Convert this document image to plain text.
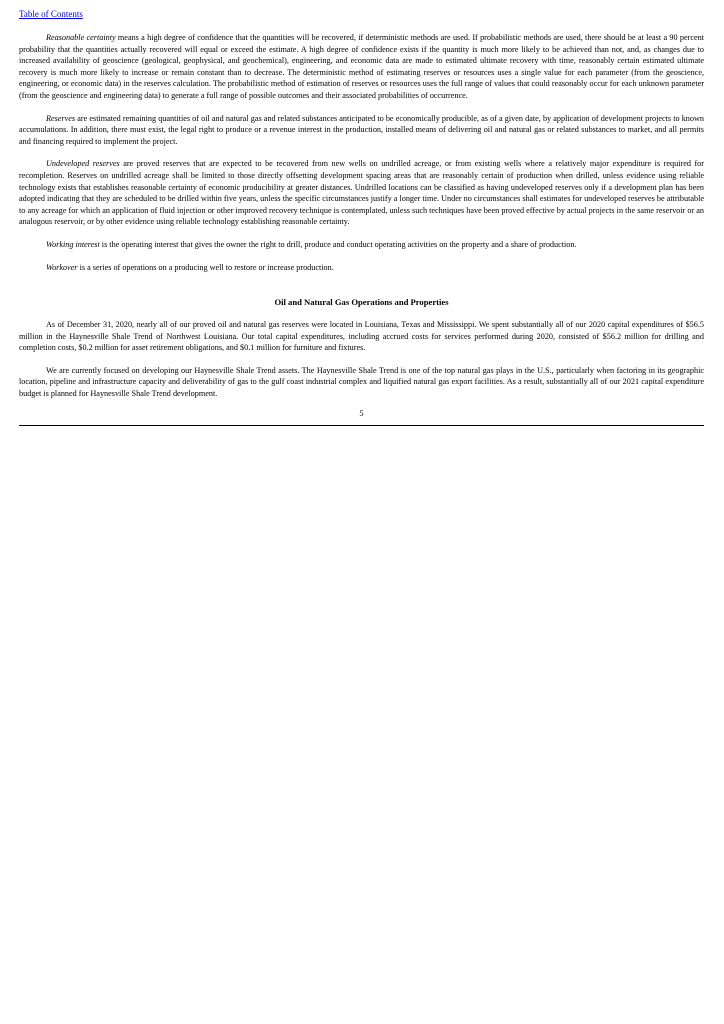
Table of Contents

Reasonable certainty means a high degree of confidence that the quantities will be recovered, if deterministic methods are used. If probabilistic methods are used, there should be at least a 90 percent probability that the quantities actually recovered will equal or exceed the estimate. A high degree of confidence exists if the quantity is much more likely to be achieved than not, and, as changes due to increased availability of geoscience (geological, geophysical, and geochemical), engineering, and economic data are made to estimated ultimate recovery with time, reasonably certain estimated ultimate recovery is much more likely to increase or remain constant than to decrease. The deterministic method of estimating reserves or resources uses a single value for each parameter (from the geoscience, engineering, or economic data) in the reserves calculation. The probabilistic method of estimation of reserves or resources uses the full range of values that could reasonably occur for each unknown parameter (from the geoscience and engineering data) to generate a full range of possible outcomes and their associated probabilities of occurrence.

Reserves are estimated remaining quantities of oil and natural gas and related substances anticipated to be economically producible, as of a given date, by application of development projects to known accumulations. In addition, there must exist, the legal right to produce or a revenue interest in the production, installed means of delivering oil and natural gas or related substances to market, and all permits and financing required to implement the project.

Undeveloped reserves are proved reserves that are expected to be recovered from new wells on undrilled acreage, or from existing wells where a relatively major expenditure is required for recompletion. Reserves on undrilled acreage shall be limited to those directly offsetting development spacing areas that are reasonably certain of production when drilled, unless evidence using reliable technology exists that establishes reasonable certainty of economic producibility at greater distances. Undrilled locations can be classified as having undeveloped reserves only if a development plan has been adopted indicating that they are scheduled to be drilled within five years, unless the specific circumstances justify a longer time. Under no circumstances shall estimates for undeveloped reserves be attributable to any acreage for which an application of fluid injection or other improved recovery technique is contemplated, unless such techniques have been proved effective by actual projects in the same reservoir or an analogous reservoir, or by other evidence using reliable technology establishing reasonable certainty.

Working interest is the operating interest that gives the owner the right to drill, produce and conduct operating activities on the property and a share of production.

Workover is a series of operations on a producing well to restore or increase production.

Oil and Natural Gas Operations and Properties

As of December 31, 2020, nearly all of our proved oil and natural gas reserves were located in Louisiana, Texas and Mississippi. We spent substantially all of our 2020 capital expenditures of $56.5 million in the Haynesville Shale Trend of Northwest Louisiana. Our total capital expenditures, including accrued costs for services performed during 2020, consisted of $56.2 million for drilling and completion costs, $0.2 million for asset retirement obligations, and $0.1 million for furniture and fixtures.

We are currently focused on developing our Haynesville Shale Trend assets. The Haynesville Shale Trend is one of the top natural gas plays in the U.S., particularly when factoring in its geographic location, pipeline and infrastructure capacity and deliverability of gas to the gulf coast industrial complex and liquified natural gas export facilities. As a result, substantially all of our 2021 capital expenditure budget is planned for Haynesville Shale Trend development.

5
